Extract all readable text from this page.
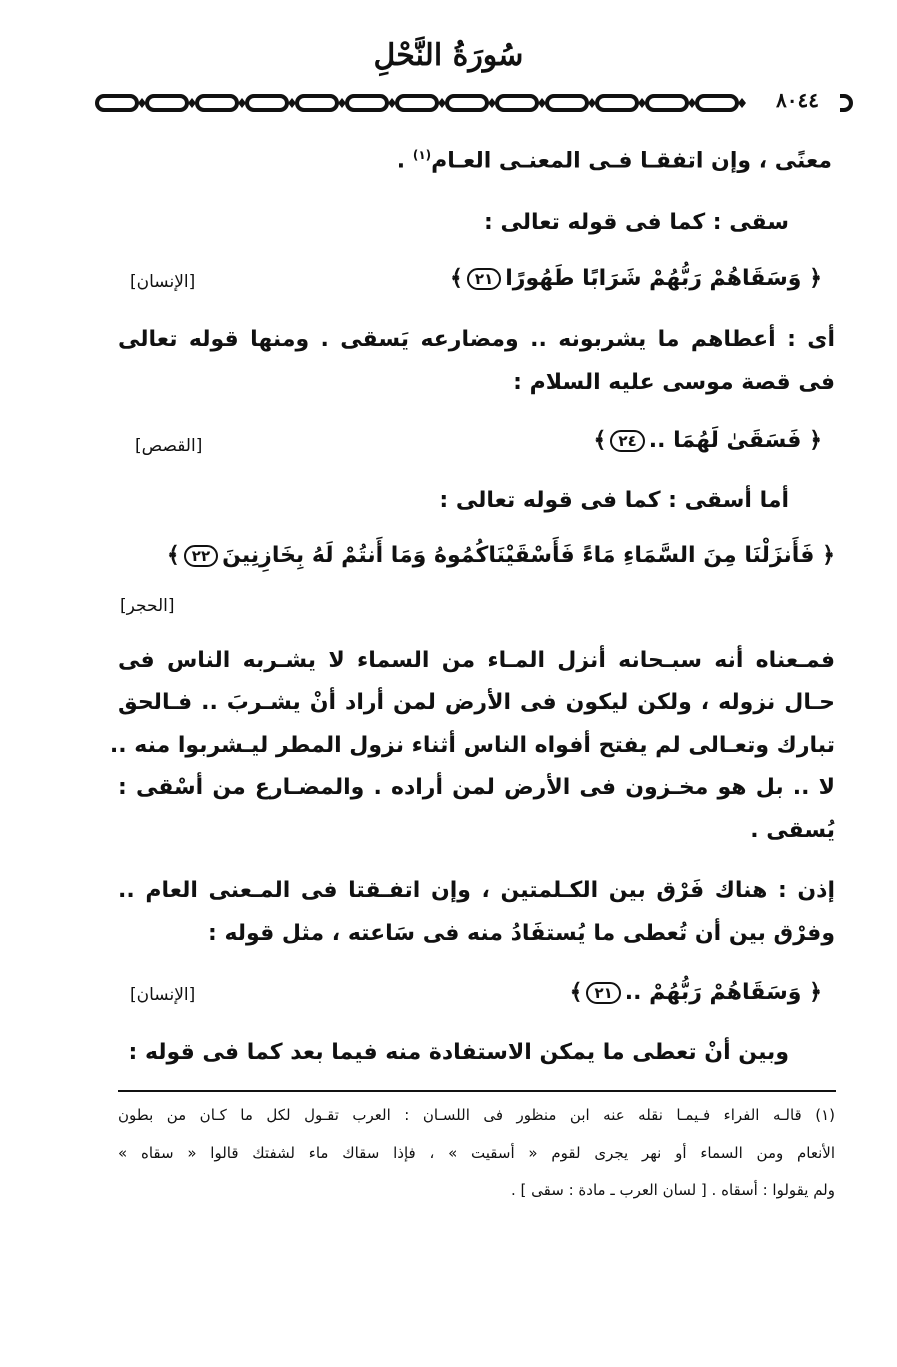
سُورَةُ النَّحْلِ
٨٠٤٤
معنًى ، وإن اتفقـا فـى المعنـى العـام$^{(١)}$ .
سقى : كما فى قوله تعالى :
﴿ وَسَقَاهُمْ رَبُّهُمْ شَرَابًا طَهُورًا٢١﴾
[الإنسان]
أى : أعطاهم ما يشربونه .. ومضارعه يَسقى . ومنها قوله تعالى
فى قصة موسى عليه السلام :
﴿ فَسَقَىٰ لَهُمَا ..٢٤﴾
[القصص]
أما أسقى : كما فى قوله تعالى :
﴿ فَأَنزَلْنَا مِنَ السَّمَاءِ مَاءً فَأَسْقَيْنَاكُمُوهُ وَمَا أَنتُمْ لَهُ بِخَازِنِينَ٢٢﴾
[الحجر]
فمـعناه أنه سبـحانه أنزل المـاء من السماء لا يشـربه الناس فى
حـال نزوله ، ولكن ليكون فى الأرض لمن أراد أنْ يشـربَ .. فـالحق
تبارك وتعـالى لم يفتح أفواه الناس أثناء نزول المطر ليـشربوا منه ..
لا .. بل هو مخـزون فى الأرض لمن أراده . والمضـارع من أسْقى :
يُسقى .
إذن : هناك فَرْق بين الكـلمتين ، وإن اتفـقتا فى المـعنى العام ..
وفرْق بين أن تُعطى ما يُستفَادُ منه فى سَاعته ، مثل قوله :
﴿ وَسَقَاهُمْ رَبُّهُمْ ..٢١﴾
[الإنسان]
وبين أنْ تعطى ما يمكن الاستفادة منه فيما بعد كما فى قوله :
(١) قالـه الفراء فـيمـا نقله عنه ابن منظور فى اللسـان : العرب تقـول لكل ما كـان من بطون
الأنعام ومن السماء أو نهر يجرى لقوم « أسقيت » ، فإذا سقاك ماء لشفتك قالوا « سقاه »
ولم يقولوا : أسقاه . [ لسان العرب ـ مادة : سقى ] .
